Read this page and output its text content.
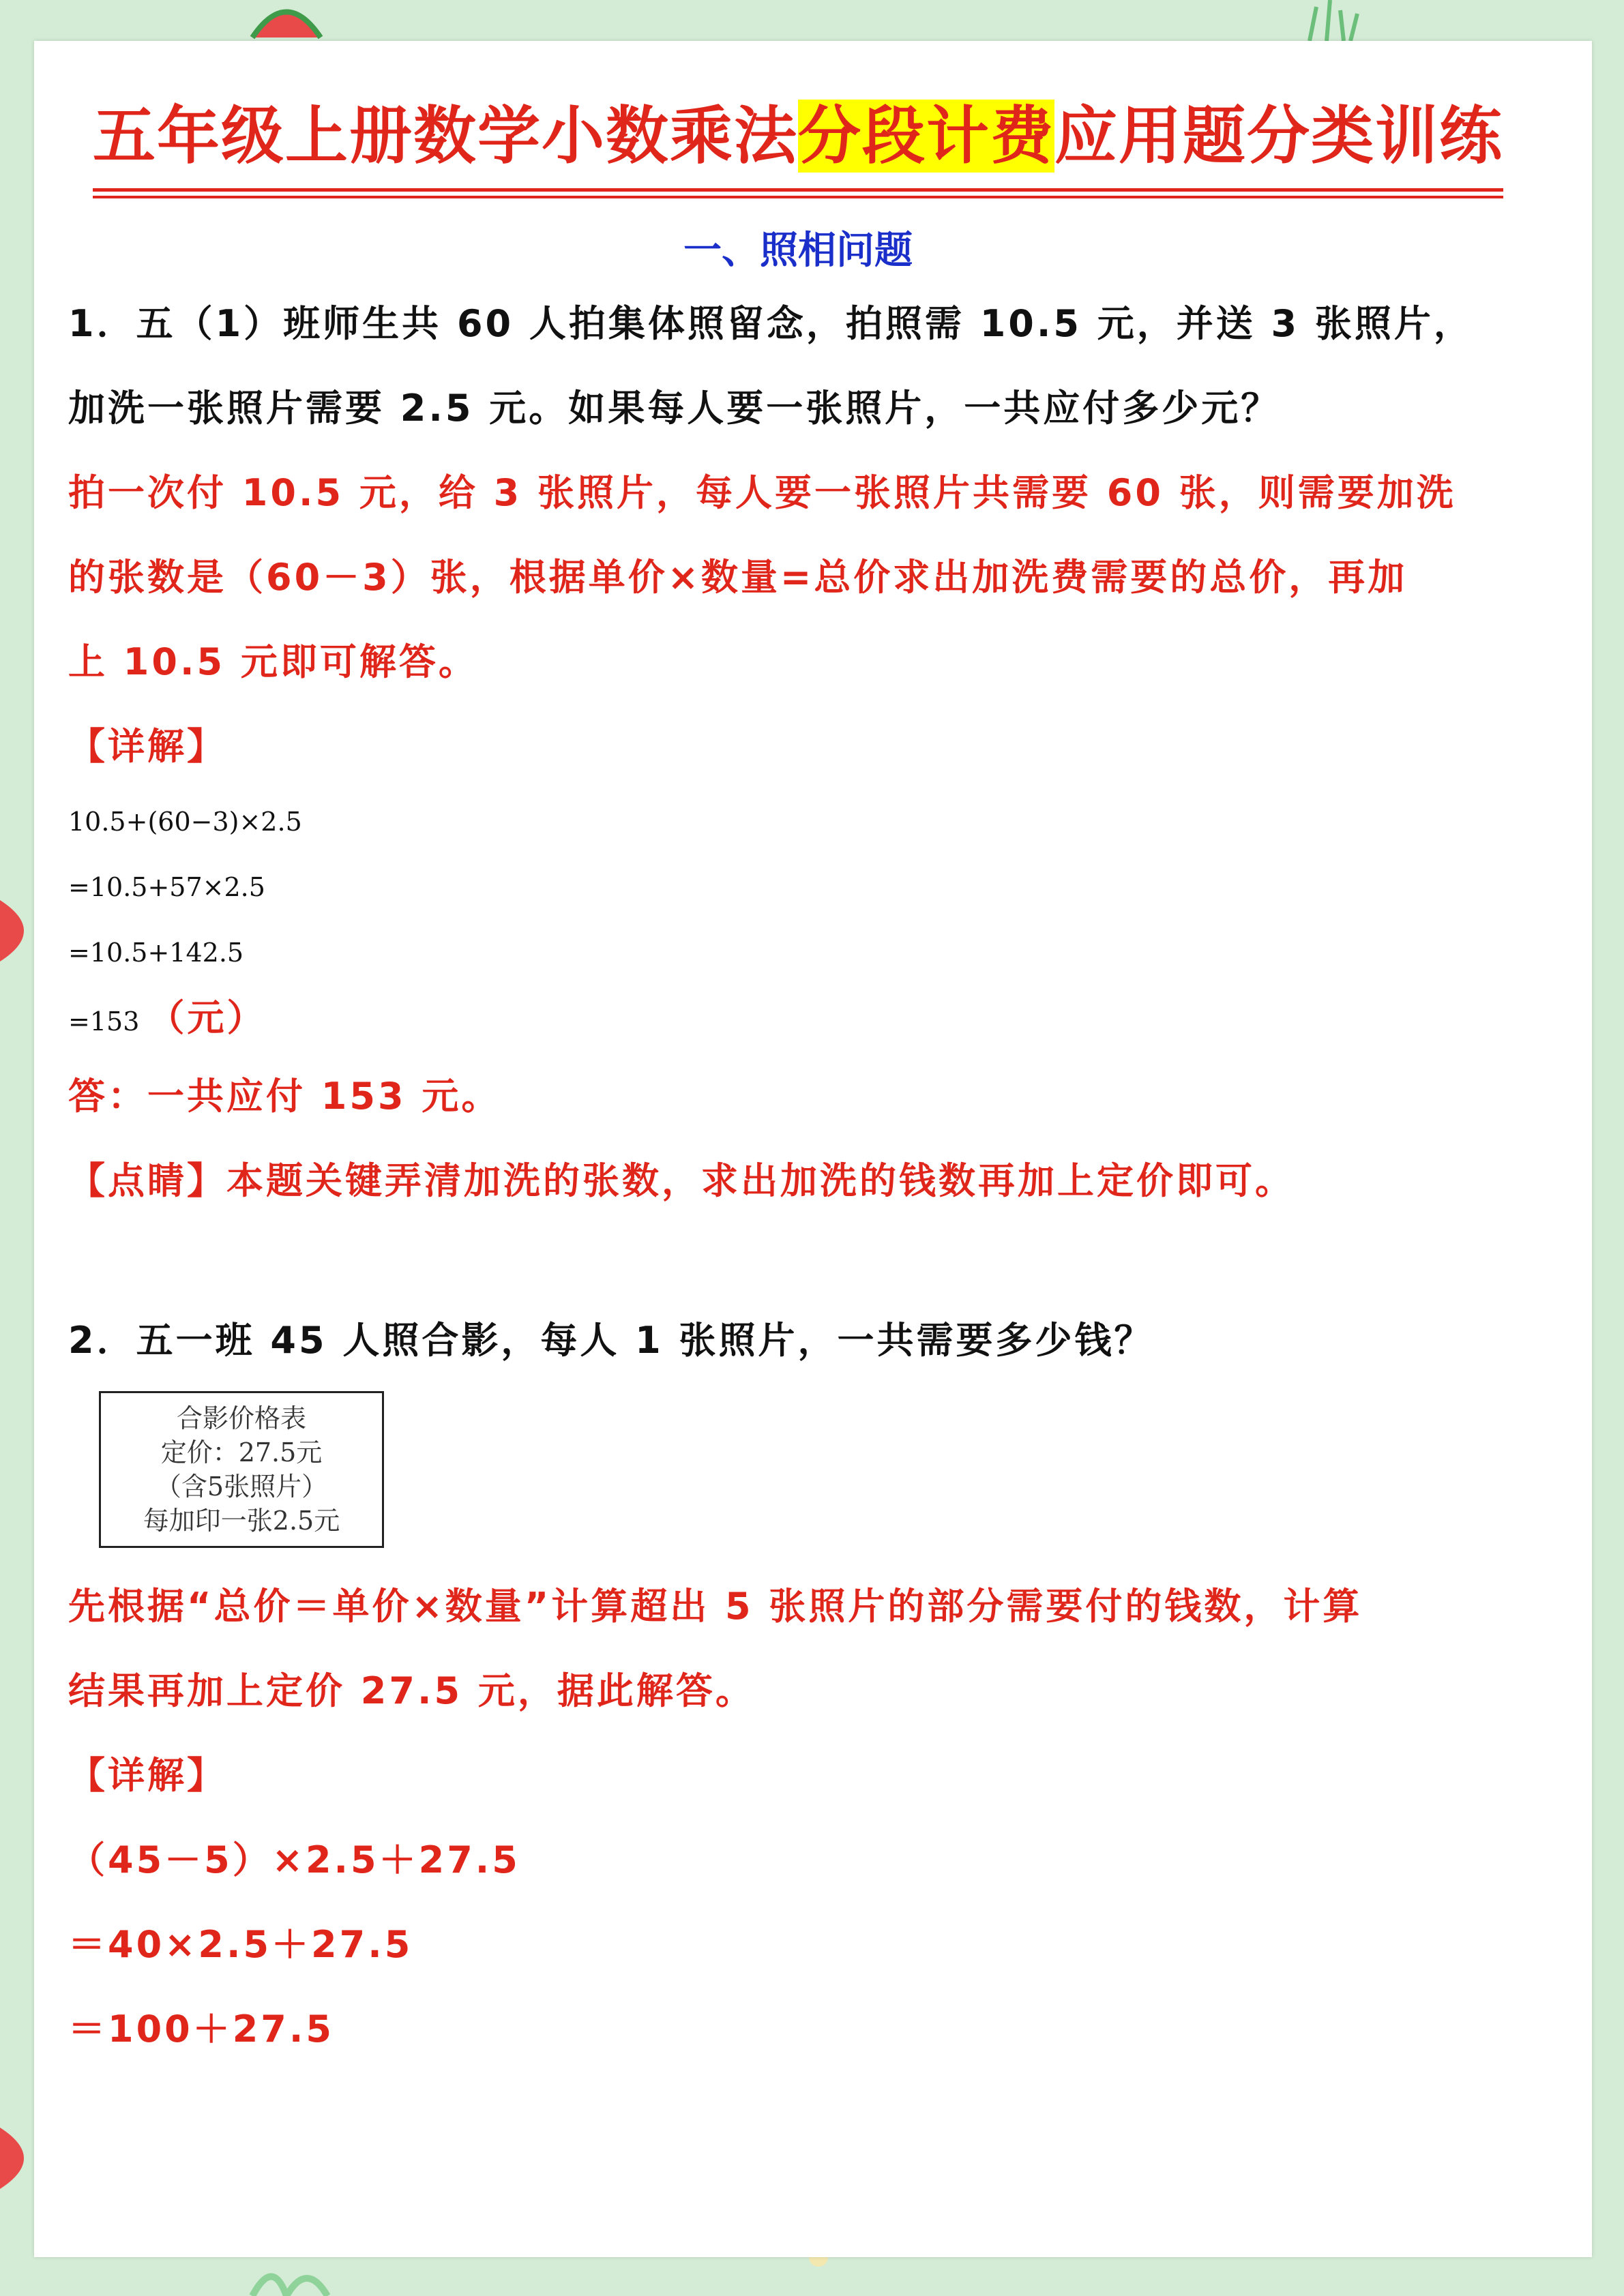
五年级上册数学小数乘法分段计费应用题分类训练
一、照相问题
1．五（1）班师生共 60 人拍集体照留念，拍照需 10.5 元，并送 3 张照片，
加洗一张照片需要 2.5 元。如果每人要一张照片，一共应付多少元？
拍一次付 10.5 元，给 3 张照片，每人要一张照片共需要 60 张，则需要加洗
的张数是（60－3）张，根据单价×数量=总价求出加洗费需要的总价，再加
上 10.5 元即可解答。
【详解】
10.5+(60−3)×2.5
=10.5+57×2.5
=10.5+142.5
=153 （元）
答：一共应付 153 元。
【点睛】本题关键弄清加洗的张数，求出加洗的钱数再加上定价即可。
2．五一班 45 人照合影，每人 1 张照片，一共需要多少钱？
合影价格表
定价：27.5元
（含5张照片）
每加印一张2.5元
先根据“总价＝单价×数量”计算超出 5 张照片的部分需要付的钱数，计算
结果再加上定价 27.5 元，据此解答。
【详解】
（45－5）×2.5＋27.5
＝40×2.5＋27.5
＝100＋27.5
